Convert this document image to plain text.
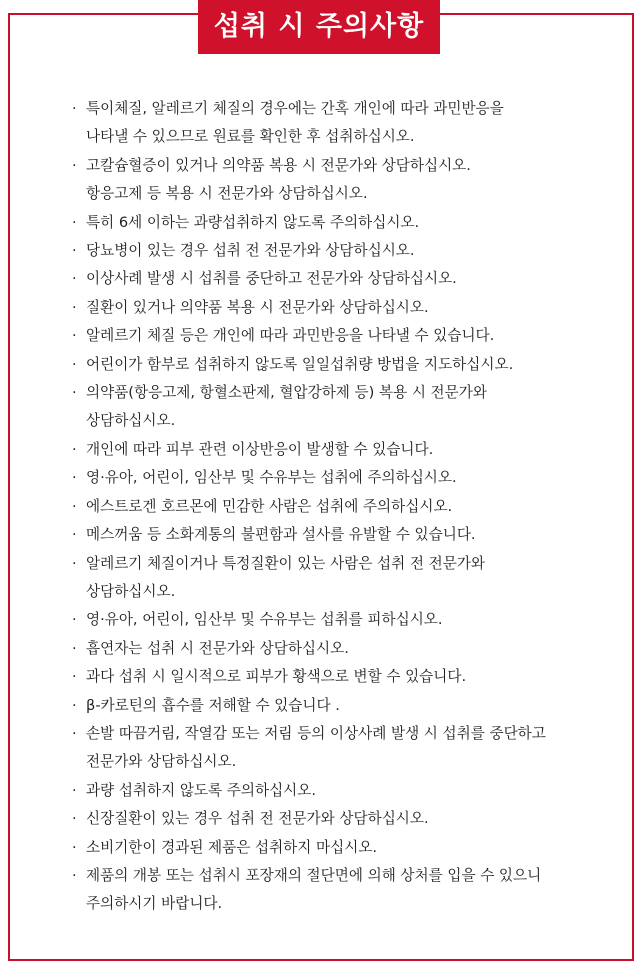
섭취 시 주의사항
· 특이체질, 알레르기 체질의 경우에는 간혹 개인에 따라 과민반응을
나타낼 수 있으므로 원료를 확인한 후 섭취하십시오.
· 고칼슘혈증이 있거나 의약품 복용 시 전문가와 상담하십시오.
항응고제 등 복용 시 전문가와 상담하십시오.
· 특히 6세 이하는 과량섭취하지 않도록 주의하십시오.
· 당뇨병이 있는 경우 섭취 전 전문가와 상담하십시오.
· 이상사례 발생 시 섭취를 중단하고 전문가와 상담하십시오.
· 질환이 있거나 의약품 복용 시 전문가와 상담하십시오.
· 알레르기 체질 등은 개인에 따라 과민반응을 나타낼 수 있습니다.
· 어린이가 함부로 섭취하지 않도록 일일섭취량 방법을 지도하십시오.
· 의약품(항응고제, 항혈소판제, 혈압강하제 등) 복용 시 전문가와
상담하십시오.
· 개인에 따라 피부 관련 이상반응이 발생할 수 있습니다.
· 영·유아, 어린이, 임산부 및 수유부는 섭취에 주의하십시오.
· 에스트로겐 호르몬에 민감한 사람은 섭취에 주의하십시오.
· 메스꺼움 등 소화계통의 불편함과 설사를 유발할 수 있습니다.
· 알레르기 체질이거나 특정질환이 있는 사람은 섭취 전 전문가와
상담하십시오.
· 영·유아, 어린이, 임산부 및 수유부는 섭취를 피하십시오.
· 흡연자는 섭취 시 전문가와 상담하십시오.
· 과다 섭취 시 일시적으로 피부가 황색으로 변할 수 있습니다.
· β-카로틴의 흡수를 저해할 수 있습니다 .
· 손발 따끔거림, 작열감 또는 저림 등의 이상사례 발생 시 섭취를 중단하고
전문가와 상담하십시오.
· 과량 섭취하지 않도록 주의하십시오.
· 신장질환이 있는 경우 섭취 전 전문가와 상담하십시오.
· 소비기한이 경과된 제품은 섭취하지 마십시오.
· 제품의 개봉 또는 섭취시 포장재의 절단면에 의해 상처를 입을 수 있으니
주의하시기 바랍니다.
